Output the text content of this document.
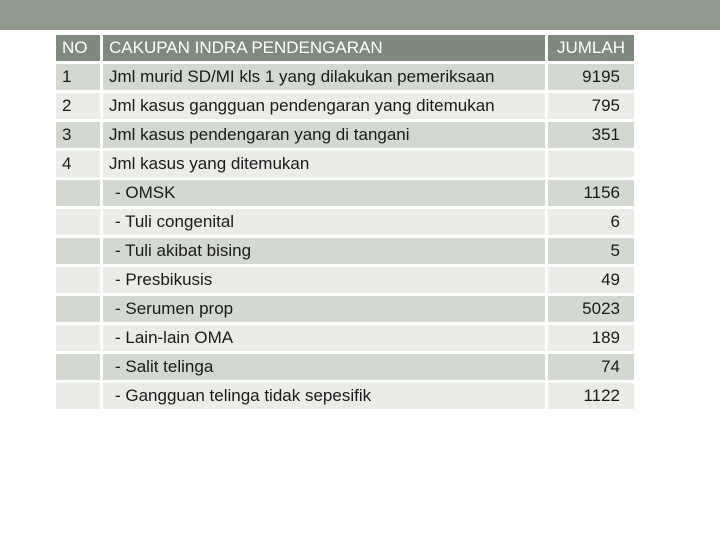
NO	CAKUPAN INDRA PENDENGARAN	JUMLAH
1	Jml murid SD/MI kls 1 yang dilakukan pemeriksaan	9195
2	Jml kasus gangguan pendengaran yang ditemukan	795
3	Jml kasus pendengaran yang di tangani	351
4	Jml kasus yang ditemukan	
	- OMSK	1156
	- Tuli congenital	6
	- Tuli akibat bising	5
	- Presbikusis	49
	- Serumen prop	5023
	- Lain-lain OMA	189
	- Salit telinga	74
	- Gangguan telinga tidak sepesifik	1122
